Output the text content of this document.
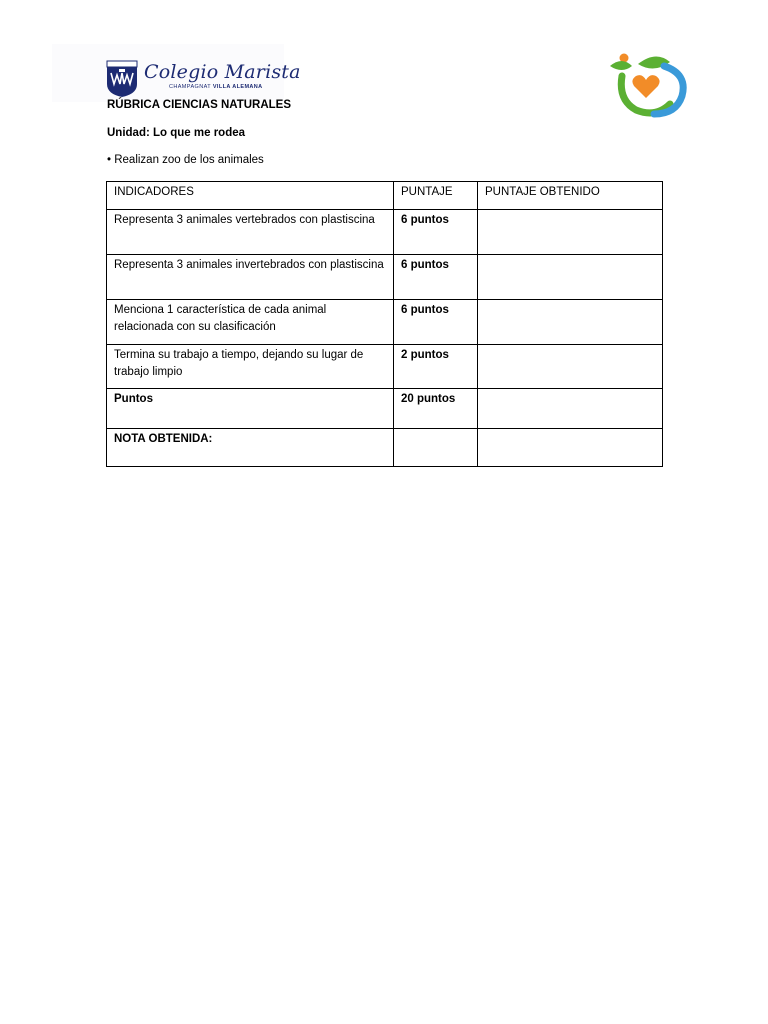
Colegio Marista
CHAMPAGNAT VILLA ALEMANA
RÚBRICA CIENCIAS NATURALES
Unidad: Lo que me rodea
• Realizan zoo de los animales
INDICADORES	PUNTAJE	PUNTAJE OBTENIDO
Representa 3 animales vertebrados con plastiscina	6 puntos	
Representa 3 animales invertebrados con plastiscina	6 puntos	
Menciona 1 característica de cada animal relacionada con su clasificación	6 puntos	
Termina su trabajo a tiempo, dejando su lugar de trabajo limpio	2 puntos	
Puntos	20 puntos	
NOTA OBTENIDA:		
